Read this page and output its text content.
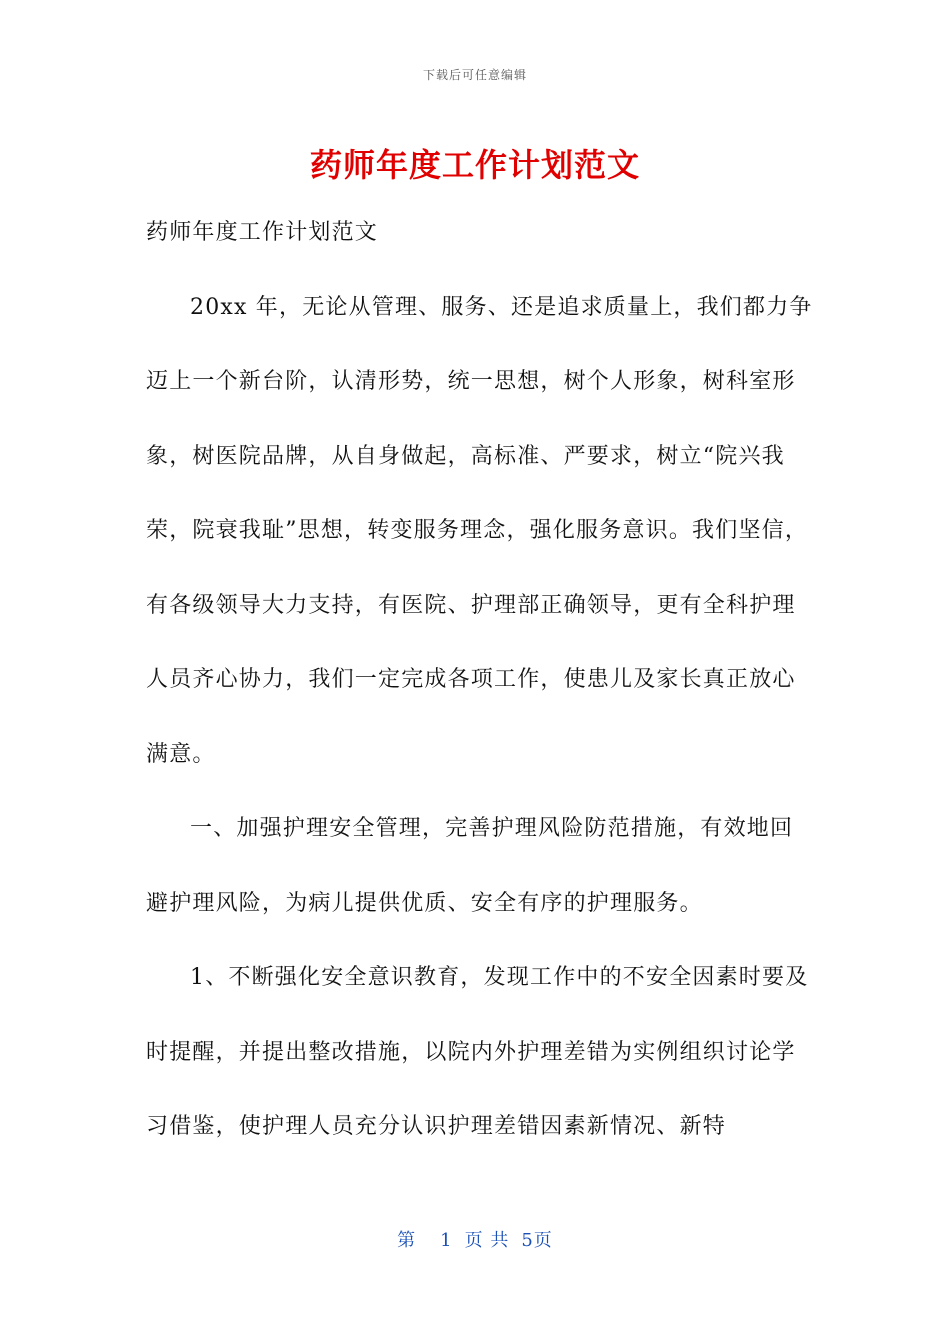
下载后可任意编辑
药师年度工作计划范文

药师年度工作计划范文

20xx 年，无论从管理、服务、还是追求质量上，我们都力争迈上一个新台阶，认清形势，统一思想，树个人形象，树科室形象，树医院品牌，从自身做起，高标准、严要求，树立“院兴我荣，院衰我耻”思想，转变服务理念，强化服务意识。我们坚信，有各级领导大力支持，有医院、护理部正确领导，更有全科护理人员齐心协力，我们一定完成各项工作，使患儿及家长真正放心满意。

一、加强护理安全管理，完善护理风险防范措施，有效地回避护理风险，为病儿提供优质、安全有序的护理服务。

1、不断强化安全意识教育，发现工作中的不安全因素时要及时提醒，并提出整改措施，以院内外护理差错为实例组织讨论学习借鉴，使护理人员充分认识护理差错因素新情况、新特

第 1 页 共 5页
